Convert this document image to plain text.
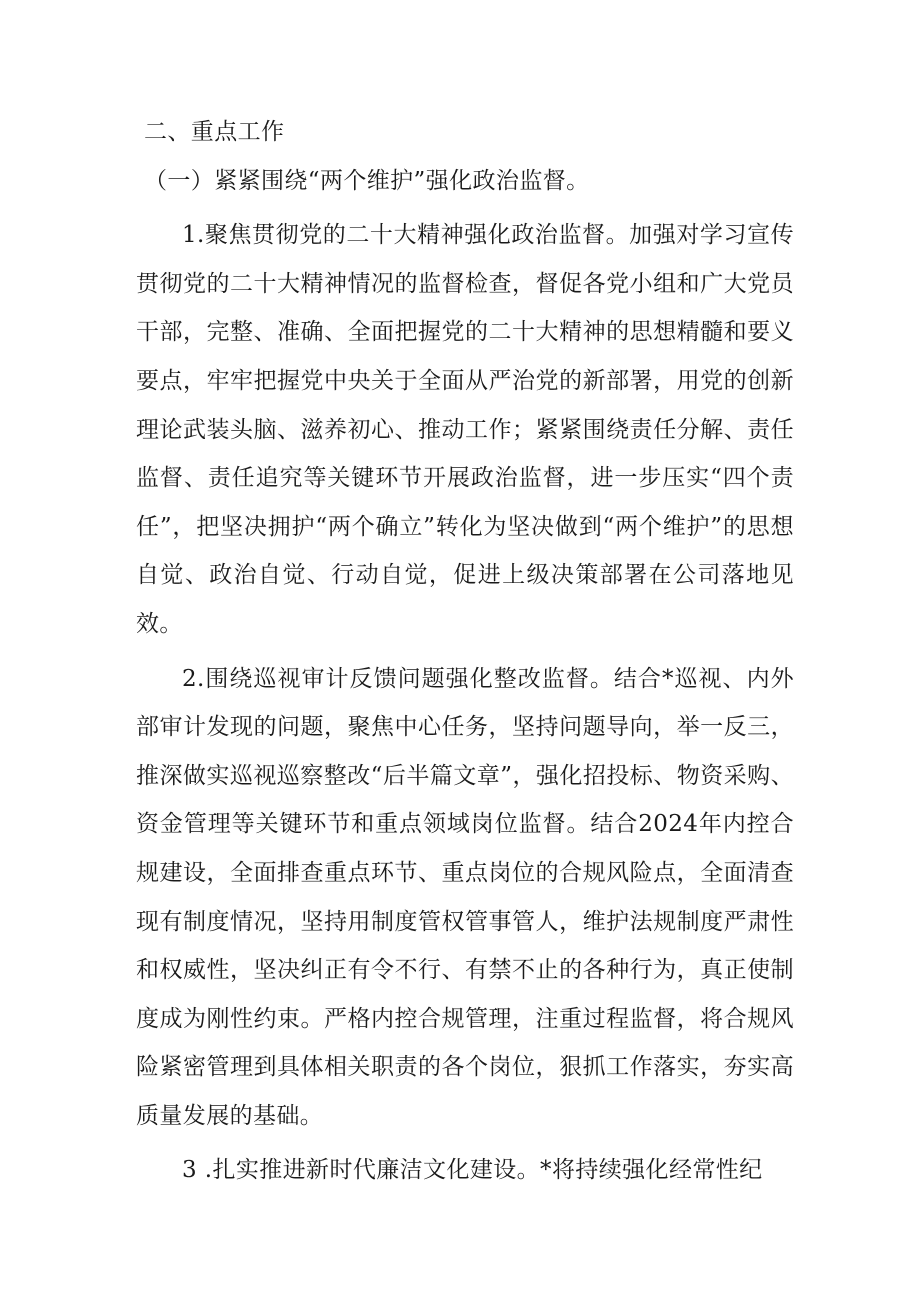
二、重点工作
（一）紧紧围绕“两个维护”强化政治监督。

1.聚焦贯彻党的二十大精神强化政治监督。加强对学习宣传贯彻党的二十大精神情况的监督检查，督促各党小组和广大党员干部，完整、准确、全面把握党的二十大精神的思想精髓和要义要点，牢牢把握党中央关于全面从严治党的新部署，用党的创新理论武装头脑、滋养初心、推动工作；紧紧围绕责任分解、责任监督、责任追究等关键环节开展政治监督，进一步压实“四个责任”，把坚决拥护“两个确立”转化为坚决做到“两个维护”的思想自觉、政治自觉、行动自觉，促进上级决策部署在公司落地见效。

2.围绕巡视审计反馈问题强化整改监督。结合*巡视、内外部审计发现的问题，聚焦中心任务，坚持问题导向，举一反三，推深做实巡视巡察整改“后半篇文章”，强化招投标、物资采购、资金管理等关键环节和重点领域岗位监督。结合2024年内控合规建设，全面排查重点环节、重点岗位的合规风险点，全面清查现有制度情况，坚持用制度管权管事管人，维护法规制度严肃性和权威性，坚决纠正有令不行、有禁不止的各种行为，真正使制度成为刚性约束。严格内控合规管理，注重过程监督，将合规风险紧密管理到具体相关职责的各个岗位，狠抓工作落实，夯实高质量发展的基础。

3 .扎实推进新时代廉洁文化建设。*将持续强化经常性纪
